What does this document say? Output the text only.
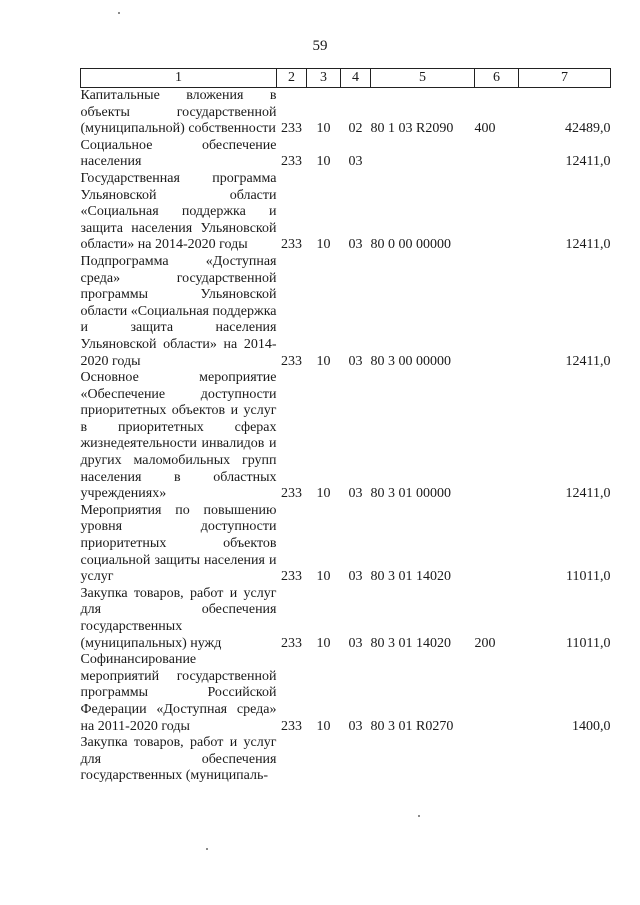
59
1	2	3	4	5	6	7
Капитальные вложения в объекты государственной (муниципальной) собственности	233	10	02	80 1 03 R2090	400	42489,0
Социальное обеспечение населения	233	10	03			12411,0
Государственная программа Ульяновской области «Социальная поддержка и защита населения Ульяновской области» на 2014-2020 годы	233	10	03	80 0 00 00000		12411,0
Подпрограмма «Доступная среда» государственной программы Ульяновской области «Социальная поддержка и защита населения Ульяновской области» на 2014-2020 годы	233	10	03	80 3 00 00000		12411,0
Основное мероприятие «Обеспечение доступности приоритетных объектов и услуг в приоритетных сферах жизнедеятельности инвалидов и других маломобильных групп населения в областных учреждениях»	233	10	03	80 3 01 00000		12411,0
Мероприятия по повышению уровня доступности приоритетных объектов социальной защиты населения и услуг	233	10	03	80 3 01 14020		11011,0
Закупка товаров, работ и услуг для обеспечения государственных (муниципальных) нужд	233	10	03	80 3 01 14020	200	11011,0
Софинансирование мероприятий государственной программы Российской Федерации «Доступная среда» на 2011-2020 годы	233	10	03	80 3 01 R0270		1400,0
Закупка товаров, работ и услуг для обеспечения государственных (муниципаль-						
